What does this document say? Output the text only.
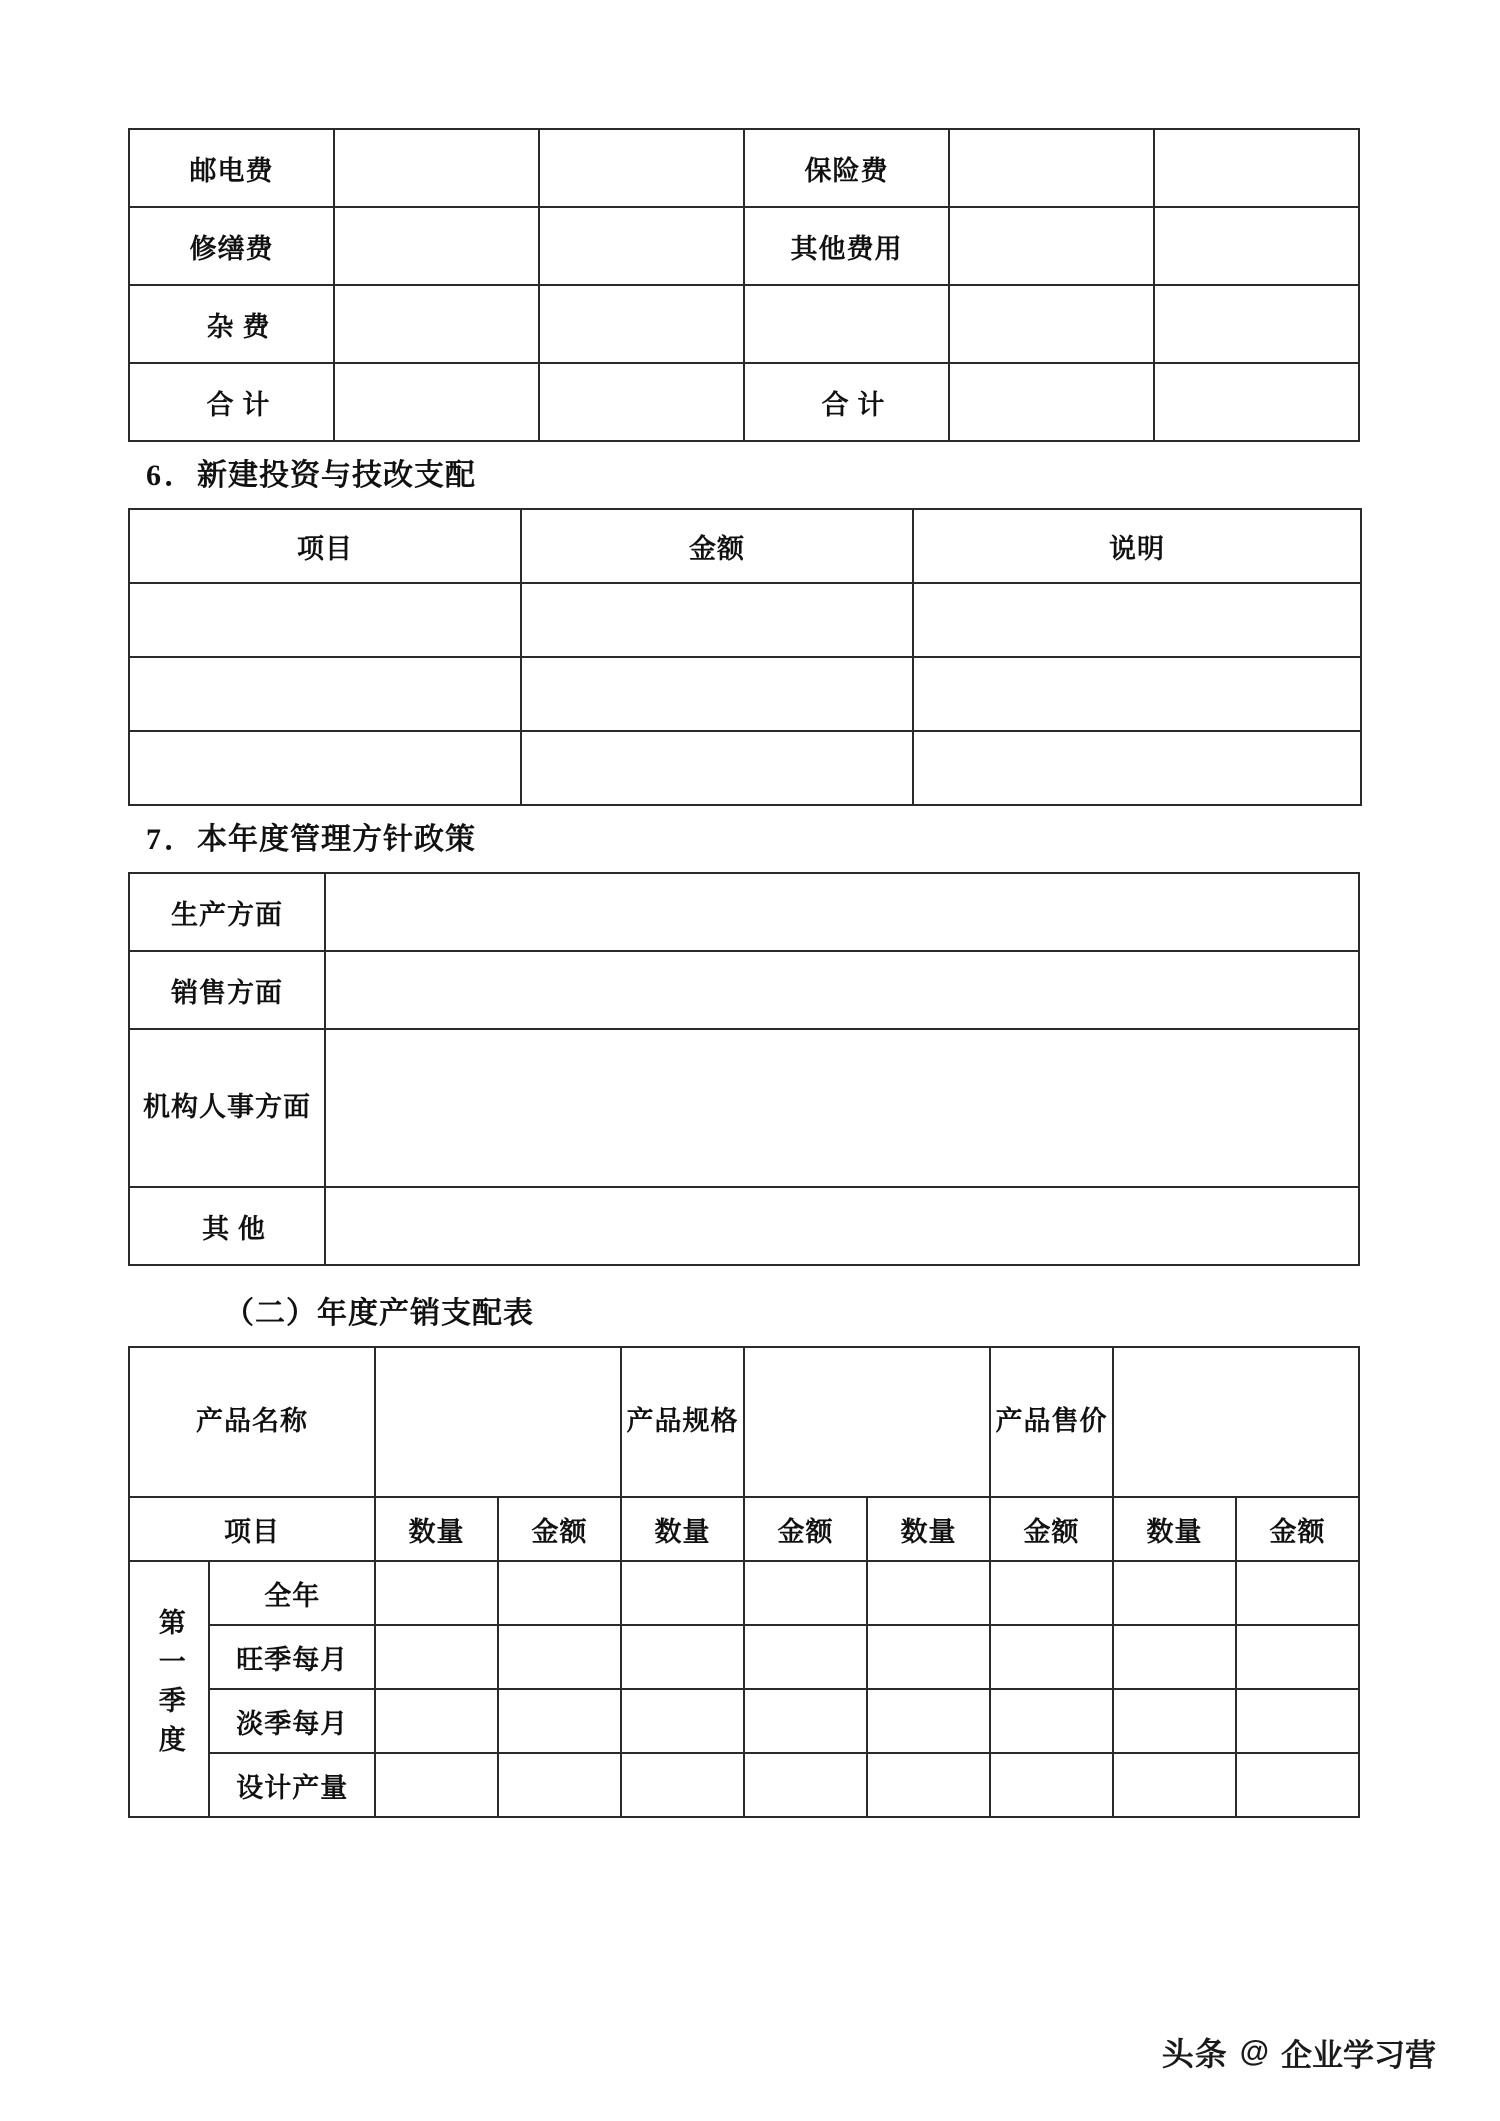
邮电费			保险费		
修缮费			其他费用		
杂 费					
合 计			合 计		
6．新建投资与技改支配
项目	金额	说明

7．本年度管理方针政策
生产方面	
销售方面	
机构人事方面	
其 他	
（二）年度产销支配表
产品名称				产品规格			产品售价		
项目		数量	金额	数量	金额	数量	金额	数量	金额
第一季度	全年								
	旺季每月								
	淡季每月								
	设计产量								
头条 @ 企业学习营
